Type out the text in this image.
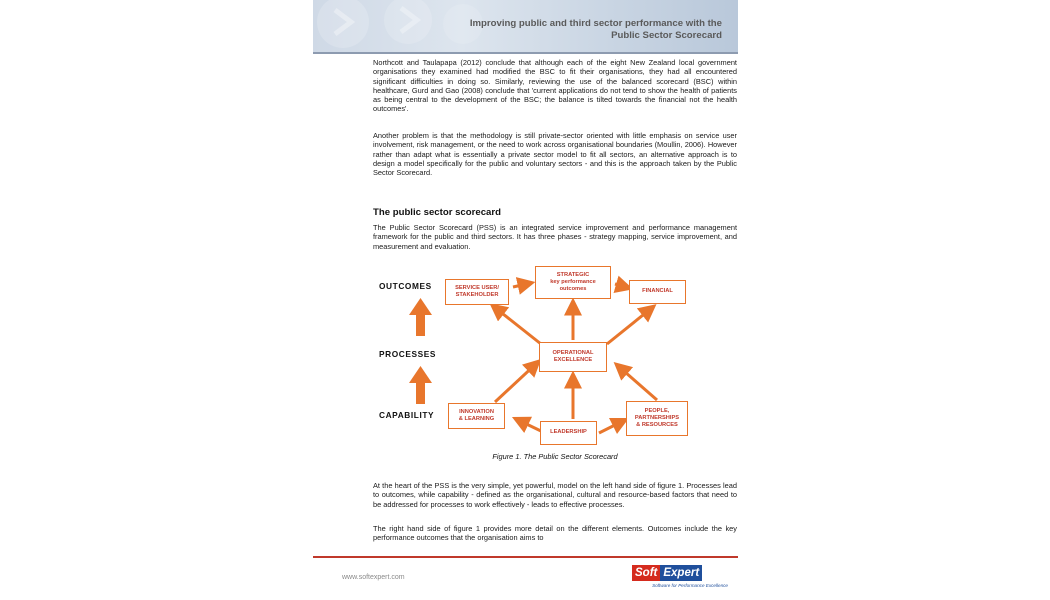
Improving public and third sector performance with the
Public Sector Scorecard

Northcott and Taulapapa (2012) conclude that although each of the eight New Zealand local government organisations they examined had modified the BSC to fit their organisations, they had all encountered significant difficulties in doing so. Similarly, reviewing the use of the balanced scorecard (BSC) within healthcare, Gurd and Gao (2008) conclude that 'current applications do not tend to show the health of patients as being central to the development of the BSC; the balance is tilted towards the financial not the health outcomes'.

Another problem is that the methodology is still private-sector oriented with little emphasis on service user involvement, risk management, or the need to work across organisational boundaries (Moullin, 2006). However rather than adapt what is essentially a private sector model to fit all sectors, an alternative approach is to design a model specifically for the public and voluntary sectors - and this is the approach taken by the Public Sector Scorecard.

The public sector scorecard

The Public Sector Scorecard (PSS) is an integrated service improvement and performance management framework for the public and third sectors. It has three phases - strategy mapping, service improvement, and measurement and evaluation.

OUTCOMES
PROCESSES
CAPABILITY
STRATEGIC
key performance
outcomes
SERVICE USER/
STAKEHOLDER
FINANCIAL
OPERATIONAL
EXCELLENCE
INNOVATION
& LEARNING
LEADERSHIP
PEOPLE,
PARTNERSHIPS
& RESOURCES
Figure 1. The Public Sector Scorecard

At the heart of the PSS is the very simple, yet powerful, model on the left hand side of figure 1. Processes lead to outcomes, while capability - defined as the organisational, cultural and resource-based factors that need to be addressed for processes to work effectively - leads to effective processes.

The right hand side of figure 1 provides more detail on the different elements. Outcomes include the key performance outcomes that the organisation aims to

www.softexpert.com	Soft Expert
Software for Performance Excellence
